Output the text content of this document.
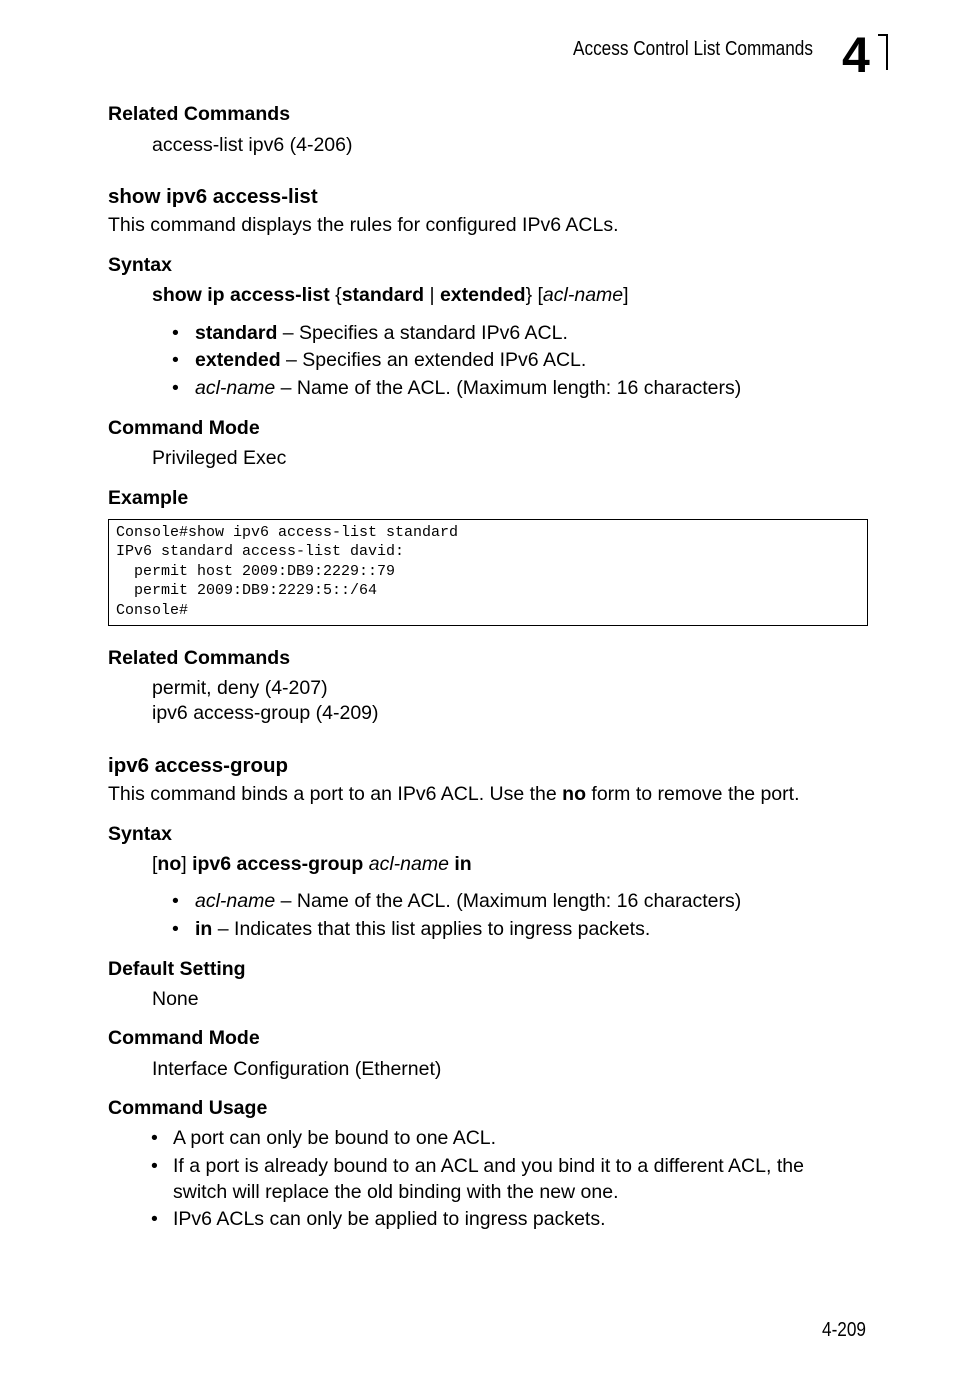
Access Control List Commands 4
Related Commands
access-list ipv6 (4-206)
show ipv6 access-list
This command displays the rules for configured IPv6 ACLs.
Syntax
show ip access-list {standard | extended} [acl-name]
• standard – Specifies a standard IPv6 ACL.
• extended – Specifies an extended IPv6 ACL.
• acl-name – Name of the ACL. (Maximum length: 16 characters)
Command Mode
Privileged Exec
Example
Console#show ipv6 access-list standard
IPv6 standard access-list david:
permit host 2009:DB9:2229::79
permit 2009:DB9:2229:5::/64
Console#
Related Commands
permit, deny (4-207)
ipv6 access-group (4-209)
ipv6 access-group
This command binds a port to an IPv6 ACL. Use the no form to remove the port.
Syntax
[no] ipv6 access-group acl-name in
• acl-name – Name of the ACL. (Maximum length: 16 characters)
• in – Indicates that this list applies to ingress packets.
Default Setting
None
Command Mode
Interface Configuration (Ethernet)
Command Usage
• A port can only be bound to one ACL.
• If a port is already bound to an ACL and you bind it to a different ACL, the
switch will replace the old binding with the new one.
• IPv6 ACLs can only be applied to ingress packets.
4-209
